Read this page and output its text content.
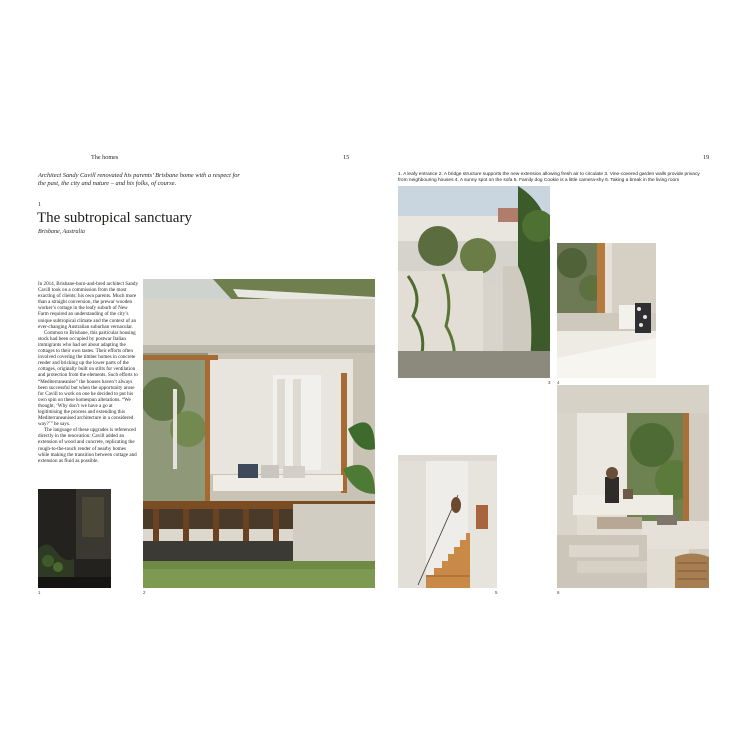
The homes	15	19
Architect Sandy Cavill renovated his parents’ Brisbane home with a respect for the past, the city and nature – and his folks, of course.
1
The subtropical sanctuary
Brisbane, Australia

In 2014, Brisbane-born-and-bred architect Sandy Cavill took on a commission from the most exacting of clients: his own parents. Much more than a straight conversion, the prewar wooden worker’s cottage in the leafy suburb of New Farm required an understanding of the city’s unique subtropical climate and the context of an ever-changing Australian suburban vernacular.

Common to Brisbane, this particular housing stock had been occupied by postwar Italian immigrants who had set about adapting the cottages to their own tastes. Their efforts often involved covering the timber homes in concrete render and bricking up the lower parts of the cottages, originally built on stilts for ventilation and protection from the elements. Such efforts to “Mediterraneanise” the houses haven’t always been successful but when the opportunity arose for Cavill to work on one he decided to put his own spin on these homespun alterations. “We thought, ‘Why don’t we have a go at legitimising the process and extending this Mediterraneanised architecture in a considered way?’” he says.

The language of these upgrades is referenced directly in the renovation: Cavill added an extension of wood and concrete, replicating the rough-to-the-touch render of nearby homes while making the transition between cottage and extension as fluid as possible.

1. A leafy entrance 2. A bridge structure supports the new extension allowing fresh air to circulate 3. Vine-covered garden walls provide privacy from neighbouring houses 4. A sunny spot on the sofa 5. Family dog Cookie is a little camera-shy 6. Taking a break in the living room
1	2
3 4
5	6
